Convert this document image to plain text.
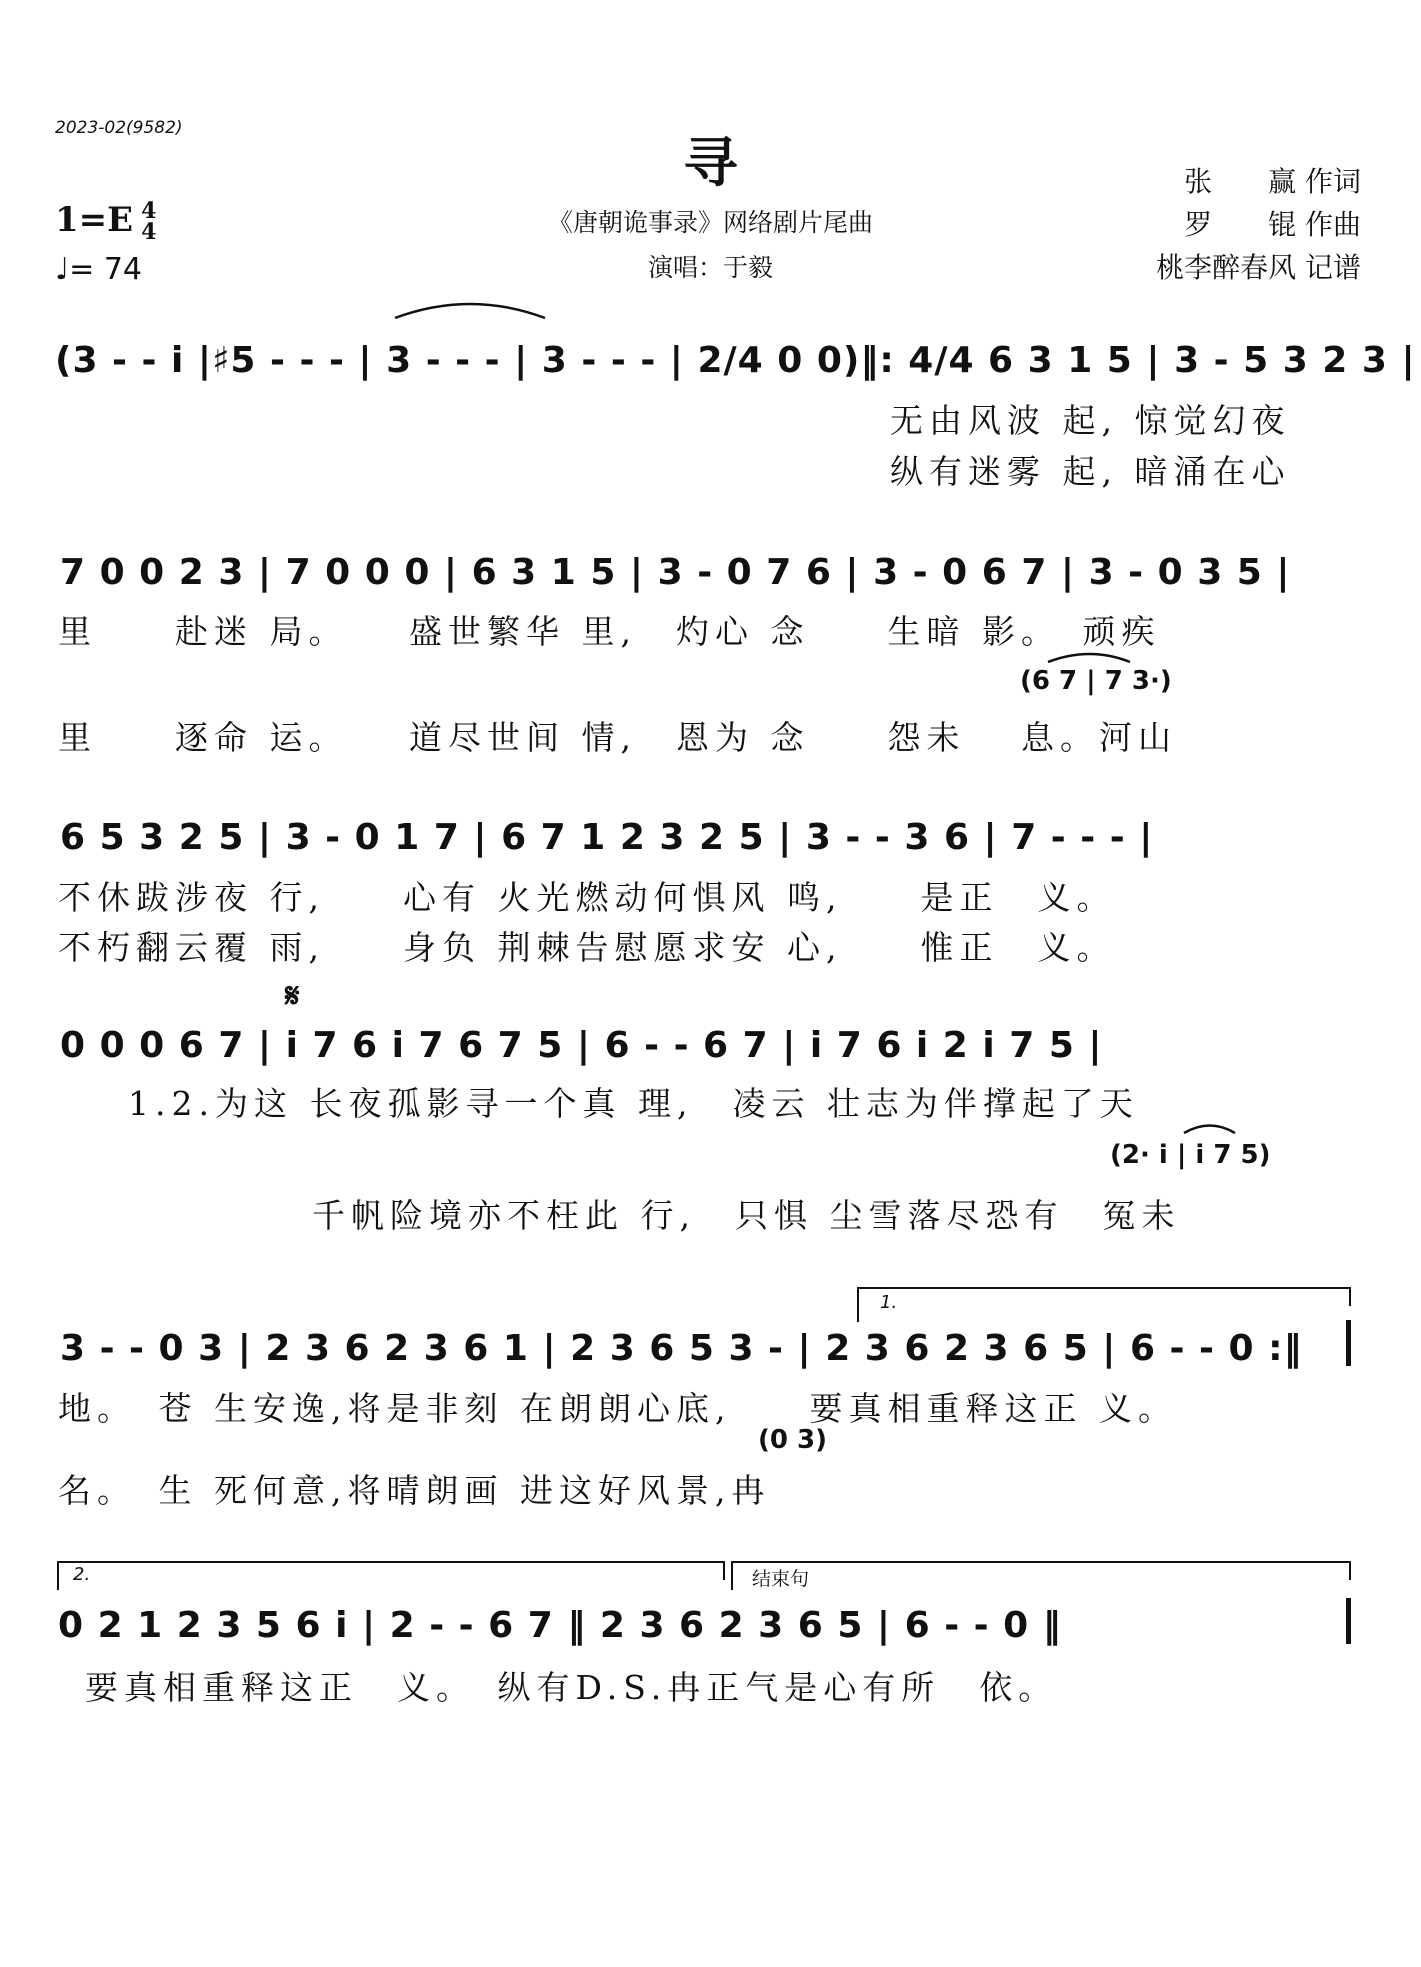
2023-02(9582)
寻
《唐朝诡事录》网络剧片尾曲
演唱：于毅
张　　赢 作词
罗　　锟 作曲
桃李醉春风 记谱
1=E 4
4
♩= 74
(3 - - i |♯5 - - - | 3 - - - | 3 - - - | 2/4 0 0)‖: 4/4 6 3 1 5 | 3 - 5 3 2 3 |
无由风波 起, 惊觉幻夜
纵有迷雾 起, 暗涌在心
7 0 0 2 3 | 7 0 0 0 | 6 3 1 5 | 3 - 0 7 6 | 3 - 0 6 7 | 3 - 0 3 5 |
里　　赴迷 局。　　盛世繁华 里,　灼心 念　　生暗 影。　顽疾
(6 7 | 7 3·)
里　　逐命 运。　　道尽世间 情,　恩为 念　　怨未　 息。河山
6 5 3 2 5 | 3 - 0 1 7 | 6 7 1 2 3 2 5 | 3 - - 3 6 | 7 - - - |
不休跋涉夜 行,　　心有 火光燃动何惧风 鸣,　　是正　义。
不朽翻云覆 雨,　　身负 荆棘告慰愿求安 心,　　惟正　义。
𝄋
0 0 0 6 7 | i 7 6 i 7 6 7 5 | 6 - - 6 7 | i 7 6 i 2 i 7 5 |
1.2.为这 长夜孤影寻一个真 理,　凌云 壮志为伴撑起了天
(2· i | i 7 5)
千帆险境亦不枉此 行,　只惧 尘雪落尽恐有　冤未
1.
3 - - 0 3 | 2 3 6 2 3 6 1 | 2 3 6 5 3 - | 2 3 6 2 3 6 5 | 6 - - 0 :‖
地。　苍 生安逸,将是非刻 在朗朗心底,　　要真相重释这正 义。
(0 3)
名。　生 死何意,将晴朗画 进这好风景,冉
2.	结束句
0 2 1 2 3 5 6 i | 2 - - 6 7 ‖ 2 3 6 2 3 6 5 | 6 - - 0 ‖
要真相重释这正　义。　纵有D.S.冉正气是心有所　依。
